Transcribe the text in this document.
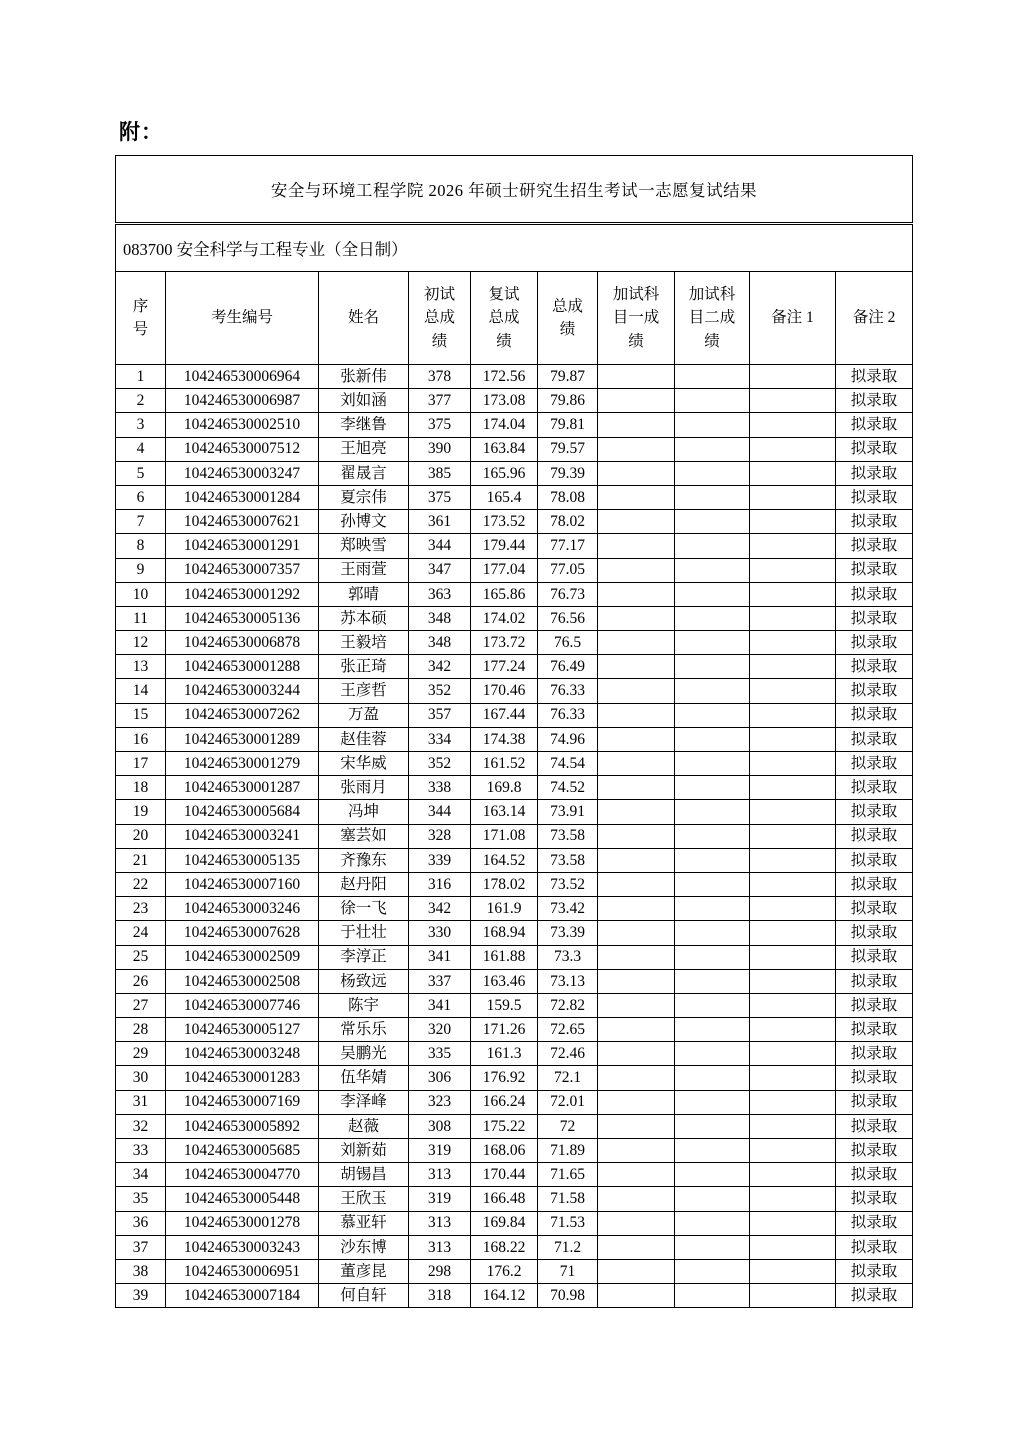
附：
安全与环境工程学院 2026 年硕士研究生招生考试一志愿复试结果									
083700 安全科学与工程专业（全日制）									
序号	考生编号	姓名	初试总成绩	复试总成绩	总成绩	加试科目一成绩	加试科目二成绩	备注 1	备注 2
1	104246530006964	张新伟	378	172.56	79.87				拟录取
2	104246530006987	刘如涵	377	173.08	79.86				拟录取
3	104246530002510	李继鲁	375	174.04	79.81				拟录取
4	104246530007512	王旭亮	390	163.84	79.57				拟录取
5	104246530003247	翟晟言	385	165.96	79.39				拟录取
6	104246530001284	夏宗伟	375	165.4	78.08				拟录取
7	104246530007621	孙博文	361	173.52	78.02				拟录取
8	104246530001291	郑映雪	344	179.44	77.17				拟录取
9	104246530007357	王雨萱	347	177.04	77.05				拟录取
10	104246530001292	郭晴	363	165.86	76.73				拟录取
11	104246530005136	苏本硕	348	174.02	76.56				拟录取
12	104246530006878	王毅培	348	173.72	76.5				拟录取
13	104246530001288	张正琦	342	177.24	76.49				拟录取
14	104246530003244	王彦哲	352	170.46	76.33				拟录取
15	104246530007262	万盈	357	167.44	76.33				拟录取
16	104246530001289	赵佳蓉	334	174.38	74.96				拟录取
17	104246530001279	宋华威	352	161.52	74.54				拟录取
18	104246530001287	张雨月	338	169.8	74.52				拟录取
19	104246530005684	冯坤	344	163.14	73.91				拟录取
20	104246530003241	塞芸如	328	171.08	73.58				拟录取
21	104246530005135	齐豫东	339	164.52	73.58				拟录取
22	104246530007160	赵丹阳	316	178.02	73.52				拟录取
23	104246530003246	徐一飞	342	161.9	73.42				拟录取
24	104246530007628	于壮壮	330	168.94	73.39				拟录取
25	104246530002509	李淳正	341	161.88	73.3				拟录取
26	104246530002508	杨致远	337	163.46	73.13				拟录取
27	104246530007746	陈宇	341	159.5	72.82				拟录取
28	104246530005127	常乐乐	320	171.26	72.65				拟录取
29	104246530003248	吴鹏光	335	161.3	72.46				拟录取
30	104246530001283	伍华婧	306	176.92	72.1				拟录取
31	104246530007169	李泽峰	323	166.24	72.01				拟录取
32	104246530005892	赵薇	308	175.22	72				拟录取
33	104246530005685	刘新茹	319	168.06	71.89				拟录取
34	104246530004770	胡锡昌	313	170.44	71.65				拟录取
35	104246530005448	王欣玉	319	166.48	71.58				拟录取
36	104246530001278	慕亚轩	313	169.84	71.53				拟录取
37	104246530003243	沙东博	313	168.22	71.2				拟录取
38	104246530006951	董彦昆	298	176.2	71				拟录取
39	104246530007184	何自轩	318	164.12	70.98				拟录取
